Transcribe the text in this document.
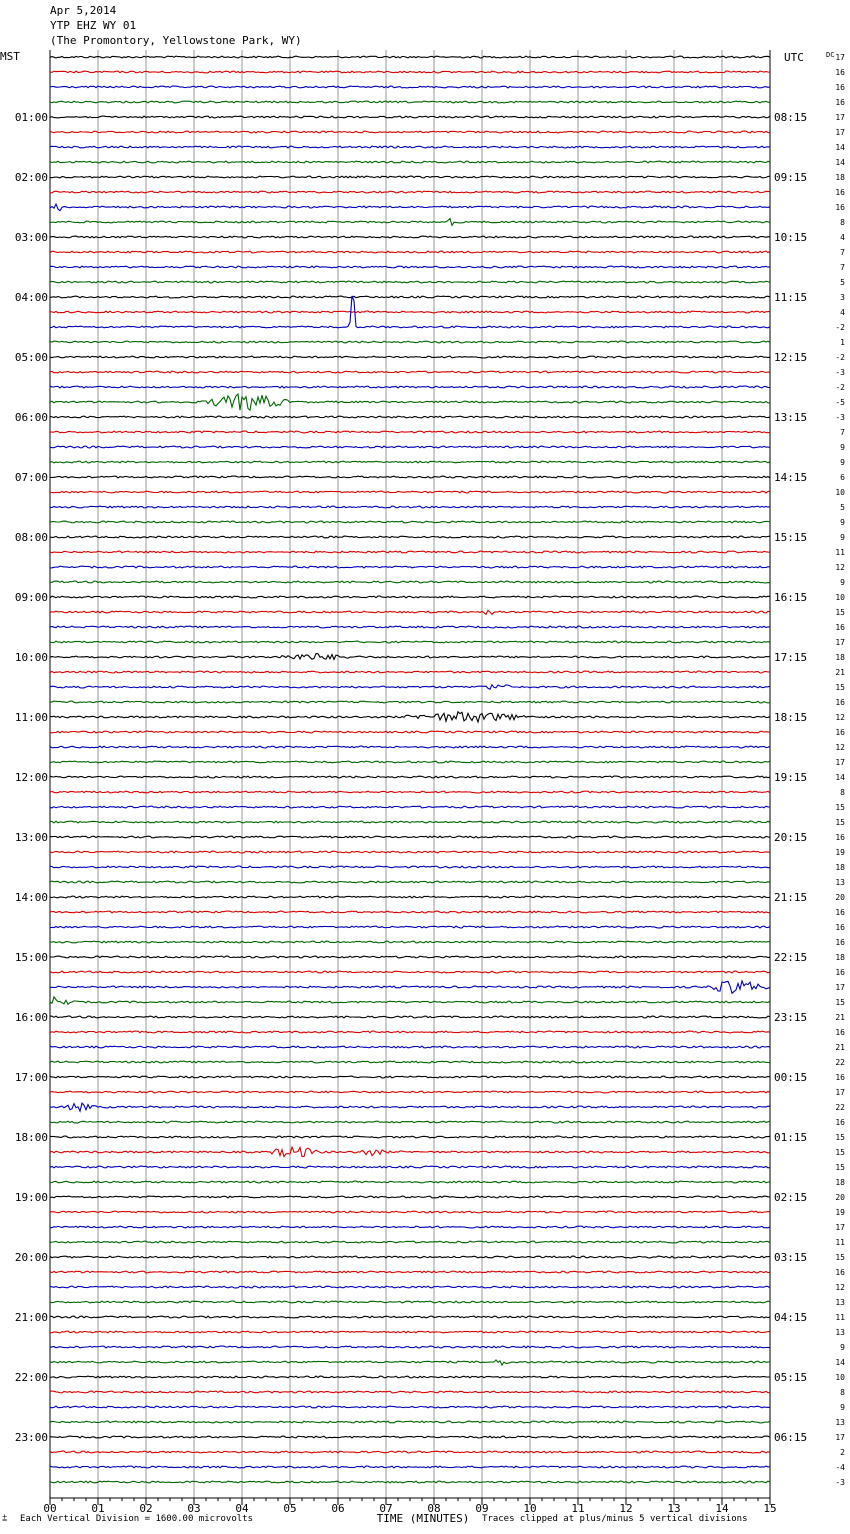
Apr 5,2014
YTP EHZ WY 01
(The Promontory, Yellowstone Park, WY)
17
16
16
16
17
17
14
14
18
16
16
8
4
7
7
5
3
4
-2
1
-2
-3
-2
-5
-3
7
9
9
6
10
5
9
9
11
12
9
10
15
16
17
18
21
15
16
12
16
12
17
14
8
15
15
16
19
18
13
20
16
16
16
18
16
17
15
21
16
21
22
16
17
22
16
15
15
15
18
20
19
17
11
15
16
12
13
11
13
9
14
10
8
9
13
17
2
-4
-3
DC
MST	UTC
01:00
02:00
03:00
04:00
05:00
06:00
07:00
08:00
09:00
10:00
11:00
12:00
13:00
14:00
15:00
16:00
17:00
18:00
19:00
20:00
21:00
22:00
23:00
08:15
09:15
10:15
11:15
12:15
13:15
14:15
15:15
16:15
17:15
18:15
19:15
20:15
21:15
22:15
23:15
00:15
01:15
02:15
03:15
04:15
05:15
06:15
00	01	02	03	04	05	06	07	08	09	10	11	12	13	14	15
TIME (MINUTES)
⩲ Each Vertical Division = 1600.00 microvolts	Traces clipped at plus/minus 5 vertical divisions
